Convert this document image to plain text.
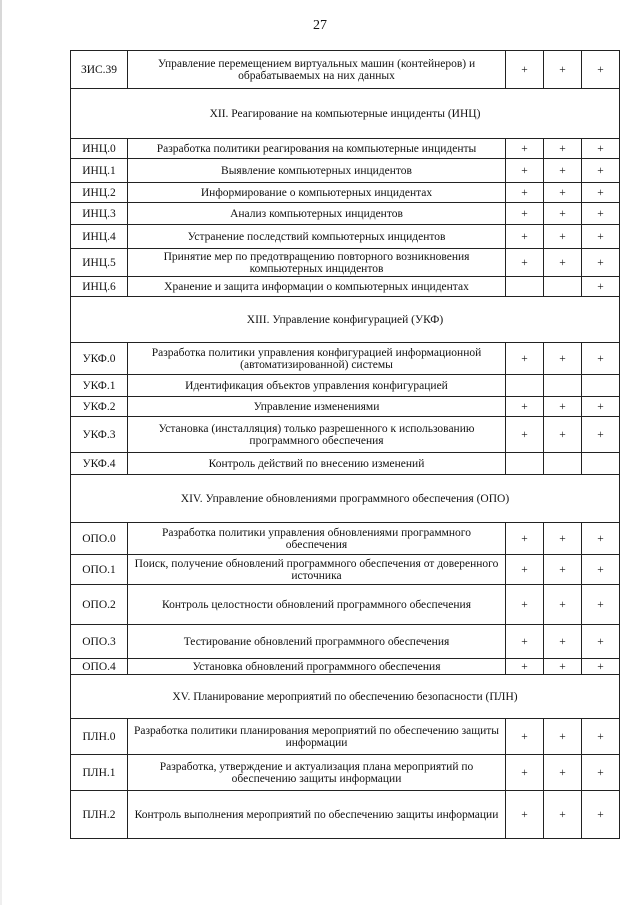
27
ЗИС.39	Управление перемещением виртуальных машин (контейнеров) и обрабатываемых на них данных	+	+	+
XII. Реагирование на компьютерные инциденты (ИНЦ)				
ИНЦ.0	Разработка политики реагирования на компьютерные инциденты	+	+	+
ИНЦ.1	Выявление компьютерных инцидентов	+	+	+
ИНЦ.2	Информирование о компьютерных инцидентах	+	+	+
ИНЦ.3	Анализ компьютерных инцидентов	+	+	+
ИНЦ.4	Устранение последствий компьютерных инцидентов	+	+	+
ИНЦ.5	Принятие мер по предотвращению повторного возникновения компьютерных инцидентов	+	+	+
ИНЦ.6	Хранение и защита информации о компьютерных инцидентах			+
XIII. Управление конфигурацией (УКФ)				
УКФ.0	Разработка политики управления конфигурацией информационной (автоматизированной) системы	+	+	+
УКФ.1	Идентификация объектов управления конфигурацией			
УКФ.2	Управление изменениями	+	+	+
УКФ.3	Установка (инсталляция) только разрешенного к использованию программного обеспечения	+	+	+
УКФ.4	Контроль действий по внесению изменений			
XIV. Управление обновлениями программного обеспечения (ОПО)				
ОПО.0	Разработка политики управления обновлениями программного обеспечения	+	+	+
ОПО.1	Поиск, получение обновлений программного обеспечения от доверенного источника	+	+	+
ОПО.2	Контроль целостности обновлений программного обеспечения	+	+	+
ОПО.3	Тестирование обновлений программного обеспечения	+	+	+
ОПО.4	Установка обновлений программного обеспечения	+	+	+
XV. Планирование мероприятий по обеспечению безопасности (ПЛН)				
ПЛН.0	Разработка политики планирования мероприятий по обеспечению защиты информации	+	+	+
ПЛН.1	Разработка, утверждение и актуализация плана мероприятий по обеспечению защиты информации	+	+	+
ПЛН.2	Контроль выполнения мероприятий по обеспечению защиты информации	+	+	+
